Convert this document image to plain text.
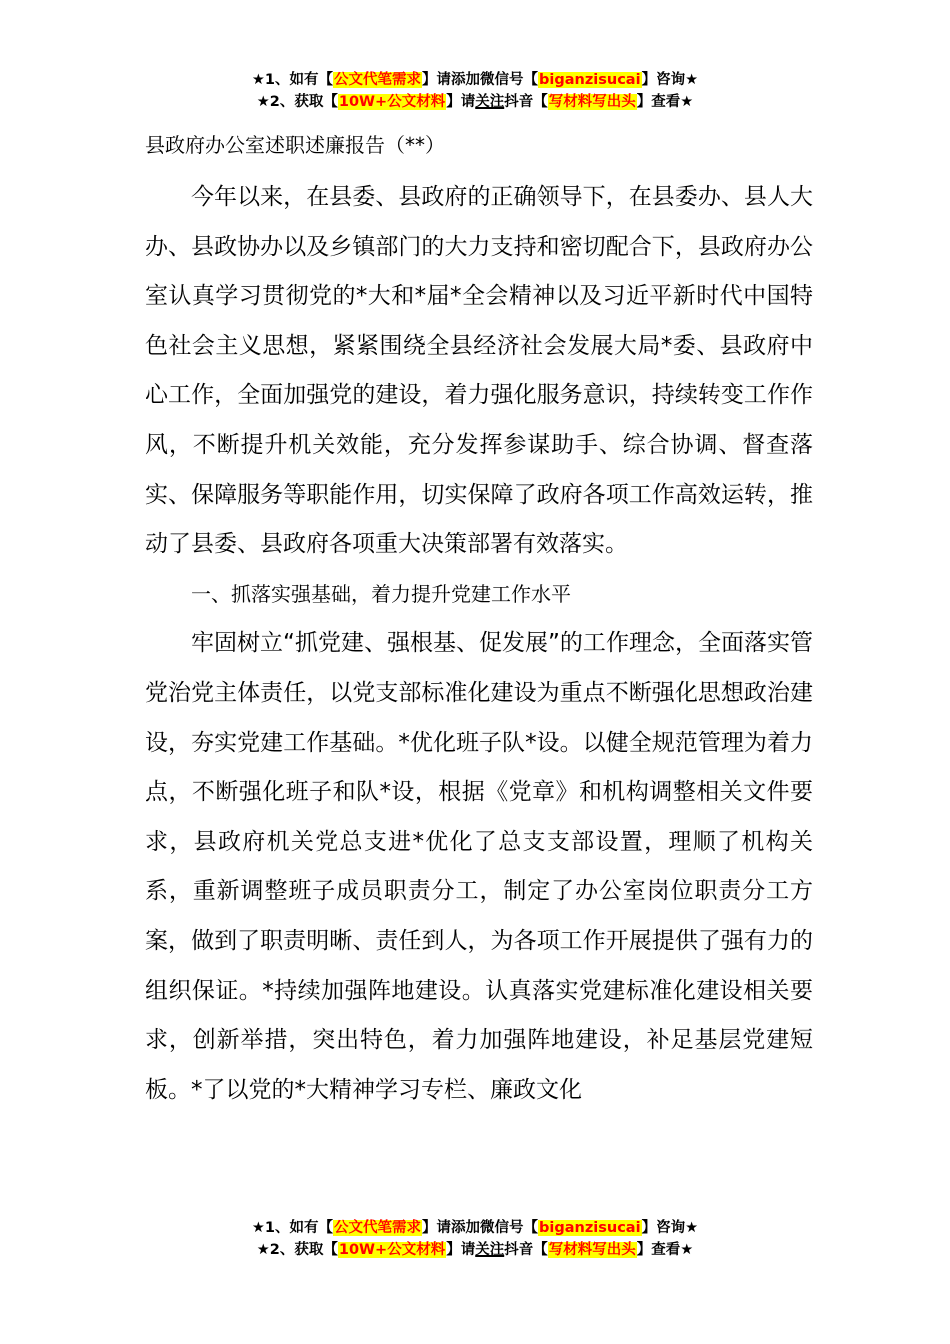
★1、如有【公文代笔需求】请添加微信号【biganzisucai】咨询★
★2、获取【10W+公文材料】请关注抖音【写材料写出头】查看★
县政府办公室述职述廉报告（**）

今年以来，在县委、县政府的正确领导下，在县委办、县人大办、县政协办以及乡镇部门的大力支持和密切配合下，县政府办公室认真学习贯彻党的*大和*届*全会精神以及习近平新时代中国特色社会主义思想，紧紧围绕全县经济社会发展大局*委、县政府中心工作，全面加强党的建设，着力强化服务意识，持续转变工作作风，不断提升机关效能，充分发挥参谋助手、综合协调、督查落实、保障服务等职能作用，切实保障了政府各项工作高效运转，推动了县委、县政府各项重大决策部署有效落实。

一、抓落实强基础，着力提升党建工作水平

牢固树立“抓党建、强根基、促发展”的工作理念，全面落实管党治党主体责任，以党支部标准化建设为重点不断强化思想政治建设，夯实党建工作基础。*优化班子队*设。以健全规范管理为着力点，不断强化班子和队*设，根据《党章》和机构调整相关文件要求，县政府机关党总支进*优化了总支支部设置，理顺了机构关系，重新调整班子成员职责分工，制定了办公室岗位职责分工方案，做到了职责明晰、责任到人，为各项工作开展提供了强有力的组织保证。*持续加强阵地建设。认真落实党建标准化建设相关要求，创新举措，突出特色，着力加强阵地建设，补足基层党建短板。*了以党的*大精神学习专栏、廉政文化

★1、如有【公文代笔需求】请添加微信号【biganzisucai】咨询★
★2、获取【10W+公文材料】请关注抖音【写材料写出头】查看★
